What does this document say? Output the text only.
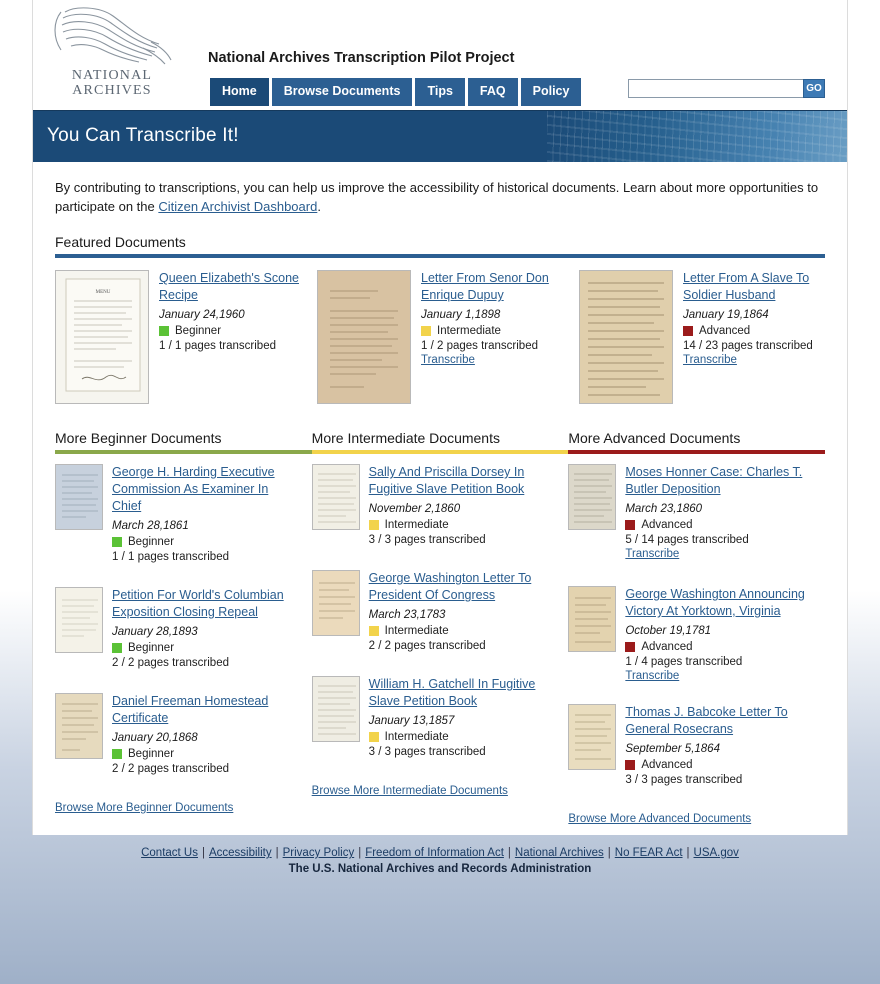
NATIONAL
ARCHIVES
National Archives Transcription Pilot Project
Home	Browse Documents	Tips	FAQ	Policy	GO
You Can Transcribe It!
By contributing to transcriptions, you can help us improve the accessibility of historical documents. Learn about more opportunities to participate on the Citizen Archivist Dashboard.
Featured Documents
MENU
Queen Elizabeth's Scone Recipe
January 24,1960
Beginner
1 / 1 pages transcribed
Letter From Senor Don Enrique Dupuy
January 1,1898
Intermediate
1 / 2 pages transcribed
Transcribe
Letter From A Slave To Soldier Husband
January 19,1864
Advanced
14 / 23 pages transcribed
Transcribe
More Beginner Documents
George H. Harding Executive Commission As Examiner In Chief
March 28,1861
Beginner
1 / 1 pages transcribed
Petition For World's Columbian Exposition Closing Repeal
January 28,1893
Beginner
2 / 2 pages transcribed
Daniel Freeman Homestead Certificate
January 20,1868
Beginner
2 / 2 pages transcribed
Browse More Beginner Documents
More Intermediate Documents
Sally And Priscilla Dorsey In Fugitive Slave Petition Book
November 2,1860
Intermediate
3 / 3 pages transcribed
George Washington Letter To President Of Congress
March 23,1783
Intermediate
2 / 2 pages transcribed
William H. Gatchell In Fugitive Slave Petition Book
January 13,1857
Intermediate
3 / 3 pages transcribed
Browse More Intermediate Documents
More Advanced Documents
Moses Honner Case: Charles T. Butler Deposition
March 23,1860
Advanced
5 / 14 pages transcribed
Transcribe
George Washington Announcing Victory At Yorktown, Virginia
October 19,1781
Advanced
1 / 4 pages transcribed
Transcribe
Thomas J. Babcoke Letter To General Rosecrans
September 5,1864
Advanced
3 / 3 pages transcribed
Browse More Advanced Documents
Contact Us | Accessibility | Privacy Policy | Freedom of Information Act | National Archives | No FEAR Act | USA.gov
The U.S. National Archives and Records Administration
